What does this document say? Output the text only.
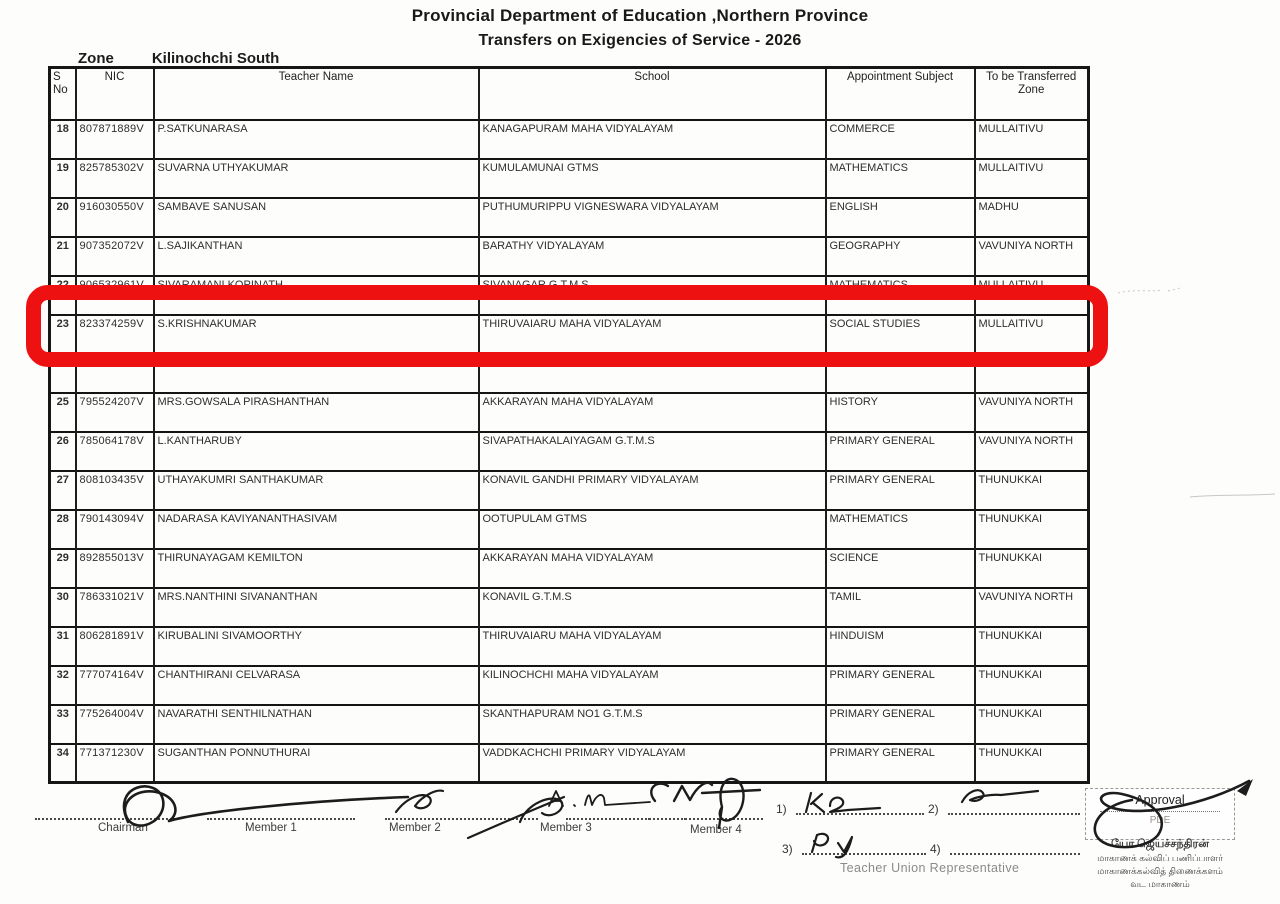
Provincial Department of Education ,Northern Province
Transfers on Exigencies of Service - 2026
Zone	Kilinochchi South
S No	NIC	Teacher Name	School	Appointment Subject	To be Transferred Zone
18	807871889V	P.SATKUNARASA	KANAGAPURAM MAHA VIDYALAYAM	COMMERCE	MULLAITIVU
19	825785302V	SUVARNA UTHYAKUMAR	KUMULAMUNAI GTMS	MATHEMATICS	MULLAITIVU
20	916030550V	SAMBAVE SANUSAN	PUTHUMURIPPU VIGNESWARA VIDYALAYAM	ENGLISH	MADHU
21	907352072V	L.SAJIKANTHAN	BARATHY VIDYALAYAM	GEOGRAPHY	VAVUNIYA NORTH
22	906532961V	SIVARAMANI KOPINATH	SIVANAGAR G.T.M.S	MATHEMATICS	MULLAITIVU
23	823374259V	S.KRISHNAKUMAR	THIRUVAIARU MAHA VIDYALAYAM	SOCIAL STUDIES	MULLAITIVU

25	795524207V	MRS.GOWSALA PIRASHANTHAN	AKKARAYAN MAHA VIDYALAYAM	HISTORY	VAVUNIYA NORTH
26	785064178V	L.KANTHARUBY	SIVAPATHAKALAIYAGAM G.T.M.S	PRIMARY GENERAL	VAVUNIYA NORTH
27	808103435V	UTHAYAKUMRI SANTHAKUMAR	KONAVIL GANDHI PRIMARY VIDYALAYAM	PRIMARY GENERAL	THUNUKKAI
28	790143094V	NADARASA KAVIYANANTHASIVAM	OOTUPULAM GTMS	MATHEMATICS	THUNUKKAI
29	892855013V	THIRUNAYAGAM KEMILTON	AKKARAYAN MAHA VIDYALAYAM	SCIENCE	THUNUKKAI
30	786331021V	MRS.NANTHINI SIVANANTHAN	KONAVIL G.T.M.S	TAMIL	VAVUNIYA NORTH
31	806281891V	KIRUBALINI SIVAMOORTHY	THIRUVAIARU MAHA VIDYALAYAM	HINDUISM	THUNUKKAI
32	777074164V	CHANTHIRANI CELVARASA	KILINOCHCHI MAHA VIDYALAYAM	PRIMARY GENERAL	THUNUKKAI
33	775264004V	NAVARATHI SENTHILNATHAN	SKANTHAPURAM NO1 G.T.M.S	PRIMARY GENERAL	THUNUKKAI
34	771371230V	SUGANTHAN PONNUTHURAI	VADDKACHCHI PRIMARY VIDYALAYAM	PRIMARY GENERAL	THUNUKKAI
Chairman	Member 1	Member 2	Member 3	Member 4
1)	2)
3)	4)
Teacher Union Representative
Approval
PDE
யோ.ஜெயச்சந்திரன்
மாகாணக் கல்விப் பணிப்பாளர்
மாகாணக்கல்வித் திணைக்களம்
வட மாகாணம்
